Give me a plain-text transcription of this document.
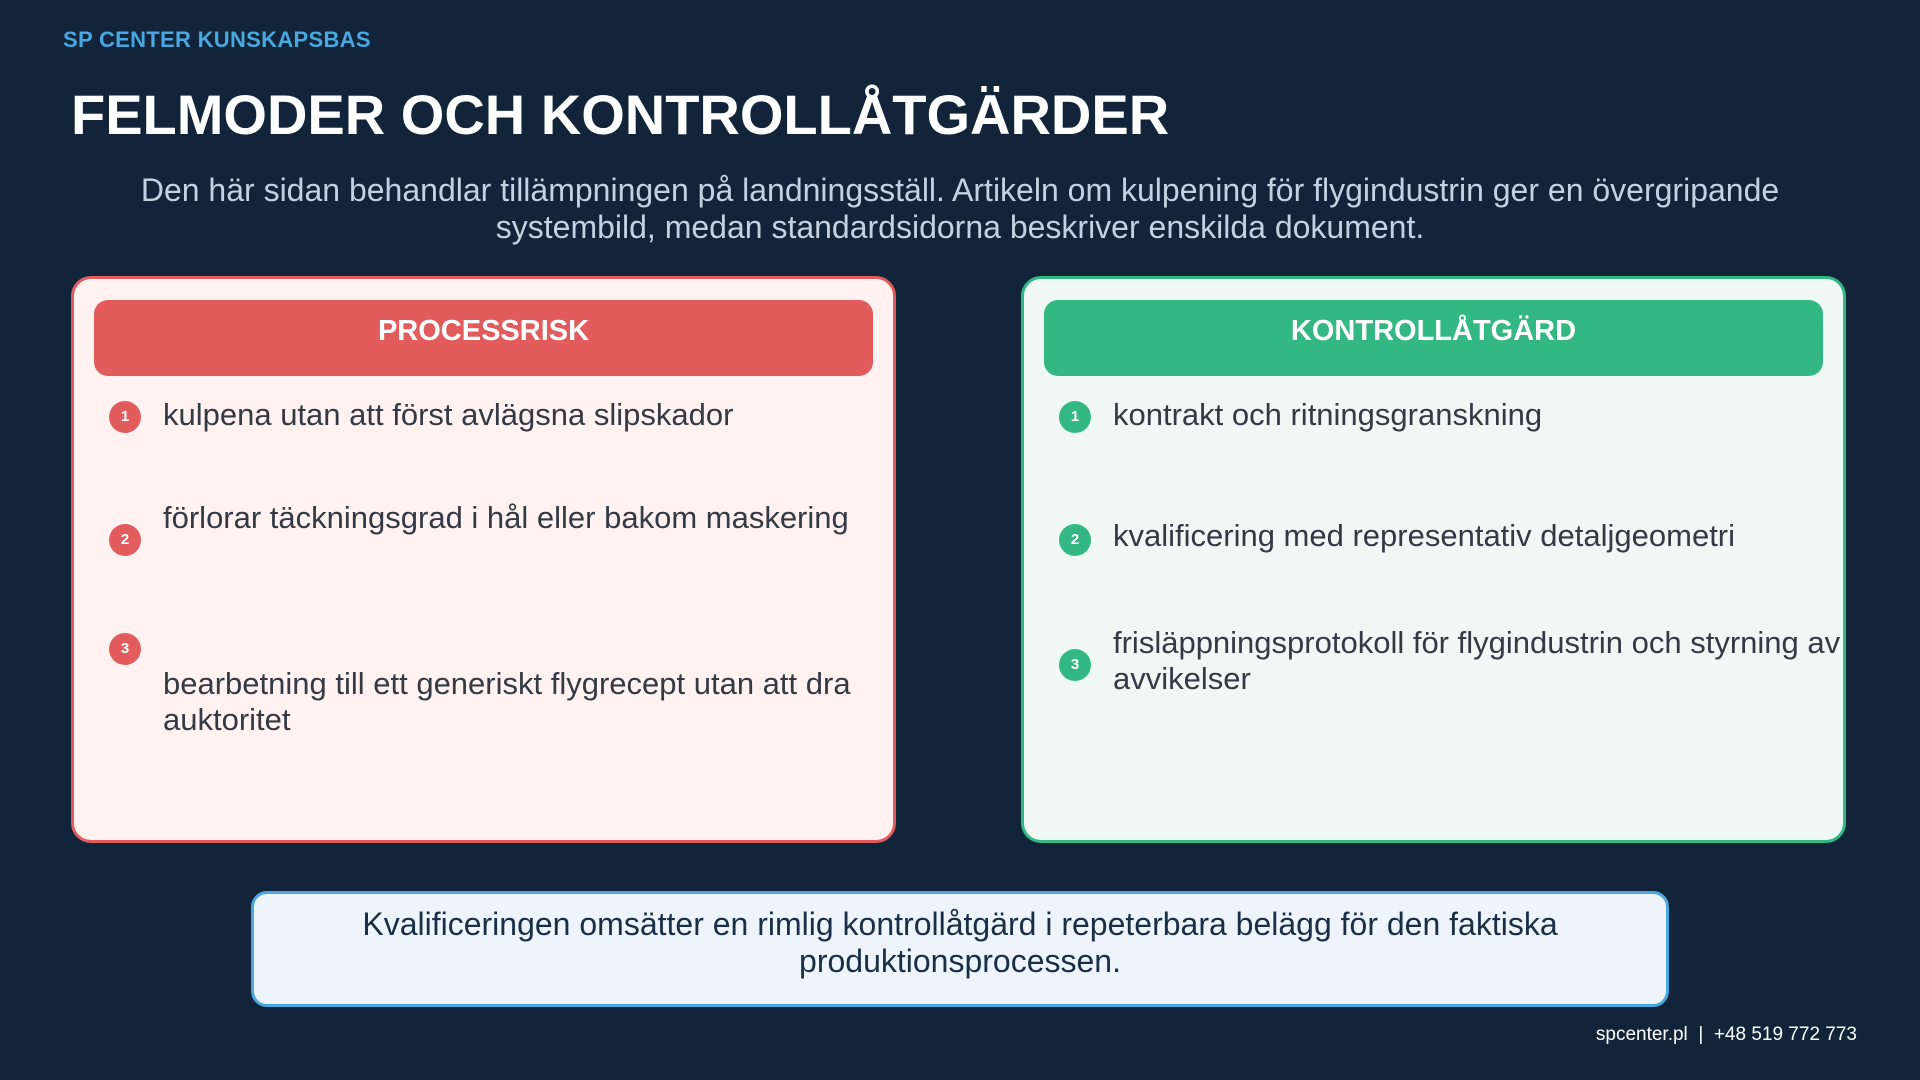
SP CENTER KUNSKAPSBAS
FELMODER OCH KONTROLLÅTGÄRDER
Den här sidan behandlar tillämpningen på landningsställ. Artikeln om kulpening för flygindustrin ger en övergripande systembild, medan standardsidorna beskriver enskilda dokument.
PROCESSRISK
1	kulpena utan att först avlägsna slipskador
2
förlorar täckningsgrad i hål eller bakom maskering
3
bearbetning till ett generiskt flygrecept utan att dra auktoritet
KONTROLLÅTGÄRD
1	kontrakt och ritningsgranskning
2	kvalificering med representativ detaljgeometri
3
frisläppningsprotokoll för flygindustrin och styrning av avvikelser
Kvalificeringen omsätter en rimlig kontrollåtgärd i repeterbara belägg för den faktiska produktionsprocessen.
spcenter.pl  |  +48 519 772 773
